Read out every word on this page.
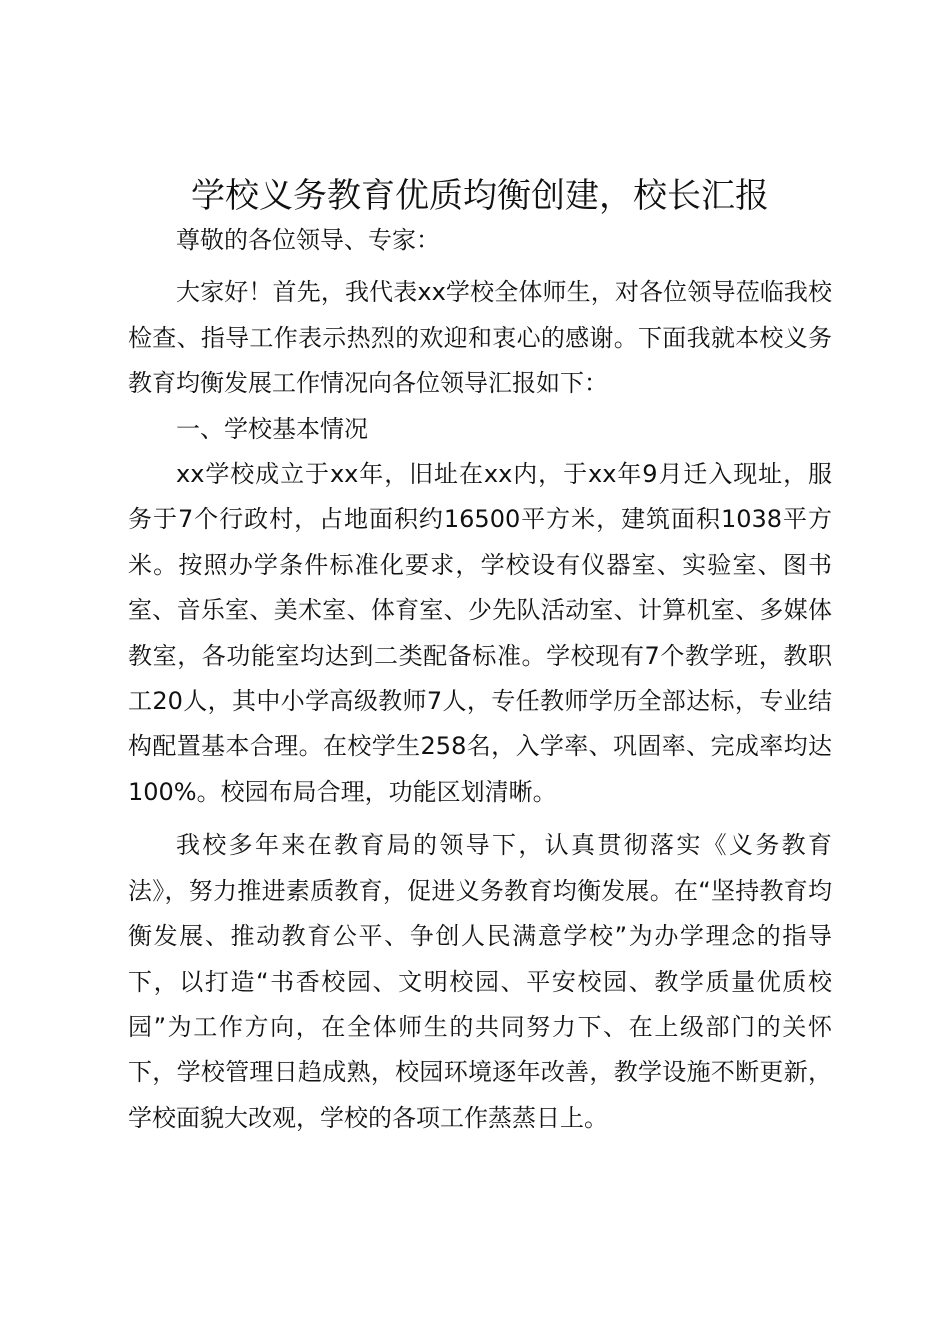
学校义务教育优质均衡创建，校长汇报

尊敬的各位领导、专家：

大家好！首先，我代表xx学校全体师生，对各位领导莅临我校检查、指导工作表示热烈的欢迎和衷心的感谢。下面我就本校义务教育均衡发展工作情况向各位领导汇报如下：

一、学校基本情况

xx学校成立于xx年，旧址在xx内，于xx年9月迁入现址，服务于7个行政村，占地面积约16500平方米，建筑面积1038平方米。按照办学条件标准化要求，学校设有仪器室、实验室、图书室、音乐室、美术室、体育室、少先队活动室、计算机室、多媒体教室，各功能室均达到二类配备标准。学校现有7个教学班，教职工20人，其中小学高级教师7人，专任教师学历全部达标，专业结构配置基本合理。在校学生258名，入学率、巩固率、完成率均达100%。校园布局合理，功能区划清晰。

我校多年来在教育局的领导下，认真贯彻落实《义务教育法》，努力推进素质教育，促进义务教育均衡发展。在“坚持教育均衡发展、推动教育公平、争创人民满意学校”为办学理念的指导下，以打造“书香校园、文明校园、平安校园、教学质量优质校园”为工作方向，在全体师生的共同努力下、在上级部门的关怀下，学校管理日趋成熟，校园环境逐年改善，教学设施不断更新，学校面貌大改观，学校的各项工作蒸蒸日上。
